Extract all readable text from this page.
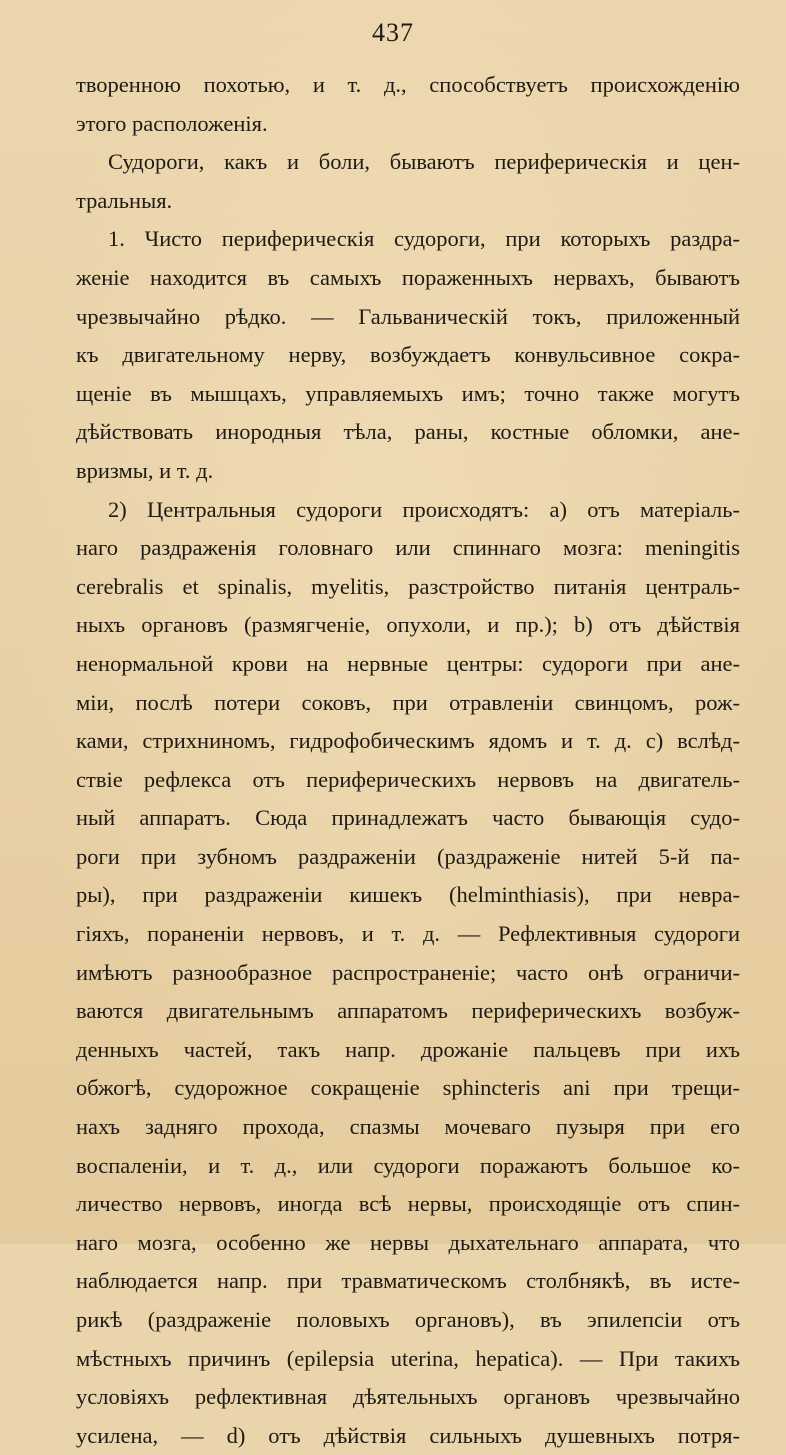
437
творенною похотью, и т. д., способствуетъ происхожденію
этого расположенія.
Судороги, какъ и боли, бываютъ периферическія и цен-
тральныя.
1. Чисто периферическія судороги, при которыхъ раздра-
женіе находится въ самыхъ пораженныхъ нервахъ, бываютъ
чрезвычайно рѣдко. — Гальваническій токъ, приложенный
къ двигательному нерву, возбуждаетъ конвульсивное сокра-
щеніе въ мышцахъ, управляемыхъ имъ; точно также могутъ
дѣйствовать инородныя тѣла, раны, костные обломки, ане-
вризмы, и т. д.
2) Центральныя судороги происходятъ: a) отъ матеріаль-
наго раздраженія головнаго или спиннаго мозга: meningitis
cerebralis et spinalis, myelitis, разстройство питанія централь-
ныхъ органовъ (размягченіе, опухоли, и пр.); b) отъ дѣйствія
ненормальной крови на нервные центры: судороги при ане-
міи, послѣ потери соковъ, при отравленіи свинцомъ, рож-
ками, стрихниномъ, гидрофобическимъ ядомъ и т. д. c) вслѣд-
ствіе рефлекса отъ периферическихъ нервовъ на двигатель-
ный аппаратъ. Сюда принадлежатъ часто бывающія судо-
роги при зубномъ раздраженіи (раздраженіе нитей 5-й па-
ры), при раздраженіи кишекъ (helminthiasis), при невра-
гіяхъ, пораненіи нервовъ, и т. д. — Рефлективныя судороги
имѣютъ разнообразное распространеніе; часто онѣ ограничи-
ваются двигательнымъ аппаратомъ периферическихъ возбуж-
денныхъ частей, такъ напр. дрожаніе пальцевъ при ихъ
обжогѣ, судорожное сокращеніе sphincteris ani при трещи-
нахъ задняго прохода, спазмы мочеваго пузыря при его
воспаленіи, и т. д., или судороги поражаютъ большое ко-
личество нервовъ, иногда всѣ нервы, происходящіе отъ спин-
наго мозга, особенно же нервы дыхательнаго аппарата, что
наблюдается напр. при травматическомъ столбнякѣ, въ исте-
рикѣ (раздраженіе половыхъ органовъ), въ эпилепсіи отъ
мѣстныхъ причинъ (epilepsia uterina, hepatica). — При такихъ
условіяхъ рефлективная дѣятельныхъ органовъ чрезвычайно
усилена, — d) отъ дѣйствія сильныхъ душевныхъ потря-
